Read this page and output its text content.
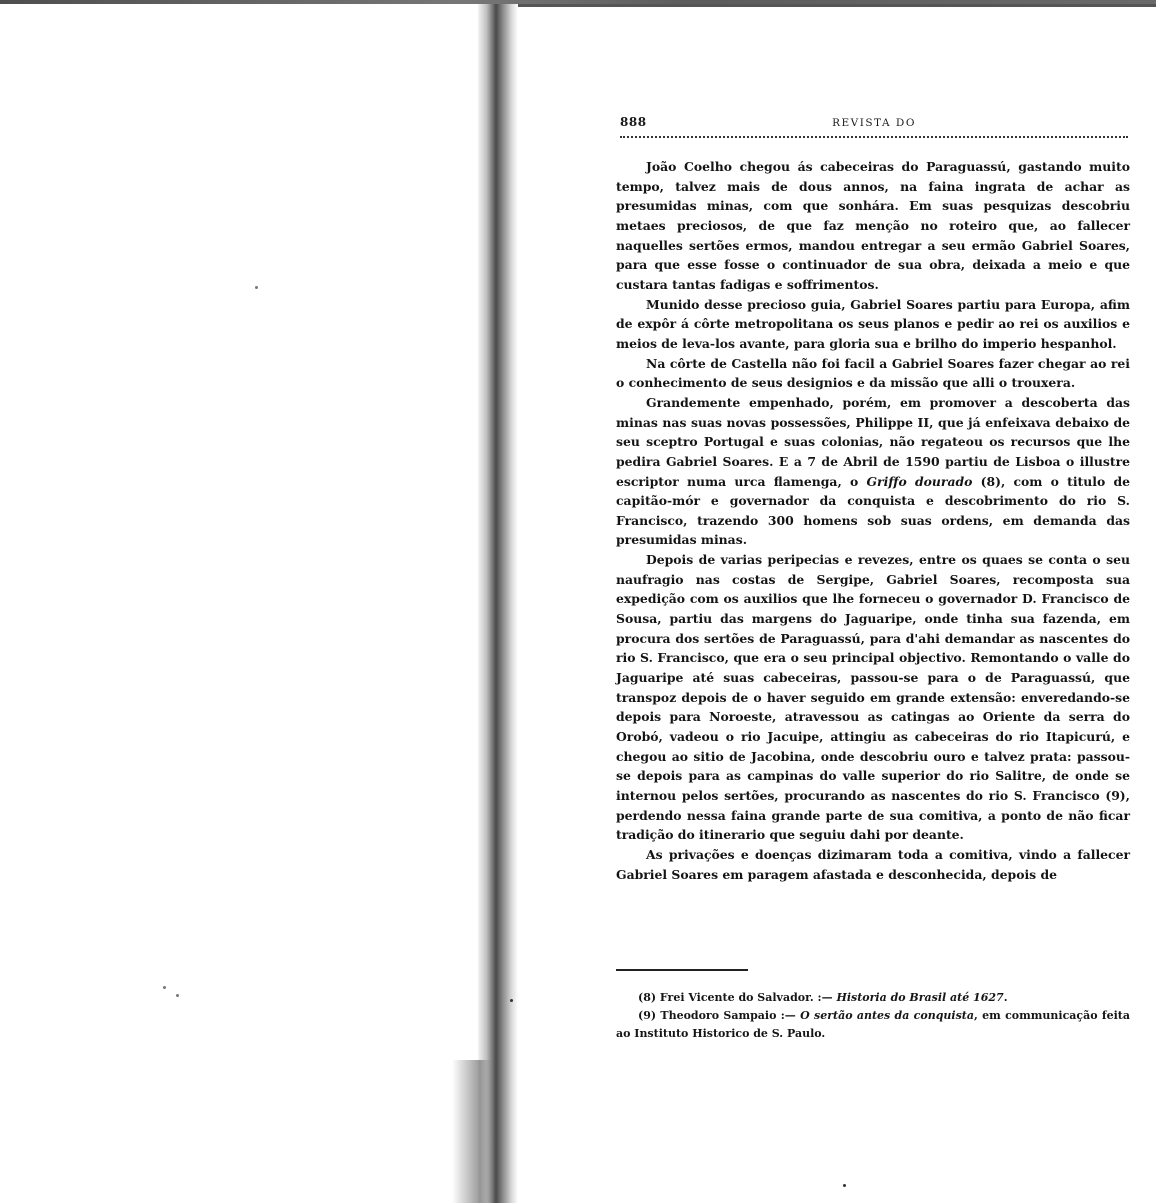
888	REVISTA DO

João Coelho chegou ás cabeceiras do Paraguassú, gastando muito tempo, talvez mais de dous annos, na faina ingrata de achar as presumidas minas, com que sonhára. Em suas pesquizas descobriu metaes preciosos, de que faz menção no roteiro que, ao fallecer naquelles sertões ermos, mandou entregar a seu ermão Gabriel Soares, para que esse fosse o continuador de sua obra, deixada a meio e que custara tantas fadigas e soffrimentos.

Munido desse precioso guia, Gabriel Soares partiu para Europa, afim de expôr á côrte metropolitana os seus planos e pedir ao rei os auxilios e meios de leva-los avante, para gloria sua e brilho do imperio hespanhol.

Na côrte de Castella não foi facil a Gabriel Soares fazer chegar ao rei o conhecimento de seus designios e da missão que alli o trouxera.

Grandemente empenhado, porém, em promover a descoberta das minas nas suas novas possessões, Philippe II, que já enfeixava debaixo de seu sceptro Portugal e suas colonias, não regateou os recursos que lhe pedira Gabriel Soares. E a 7 de Abril de 1590 partiu de Lisboa o illustre escriptor numa urca flamenga, o Griffo dourado (8), com o titulo de capitão-mór e governador da conquista e descobrimento do rio S. Francisco, trazendo 300 homens sob suas ordens, em demanda das presumidas minas.

Depois de varias peripecias e revezes, entre os quaes se conta o seu naufragio nas costas de Sergipe, Gabriel Soares, recomposta sua expedição com os auxilios que lhe forneceu o governador D. Francisco de Sousa, partiu das margens do Jaguaripe, onde tinha sua fazenda, em procura dos sertões de Paraguassú, para d'ahi demandar as nascentes do rio S. Francisco, que era o seu principal objectivo. Remontando o valle do Jaguaripe até suas cabeceiras, passou-se para o de Paraguassú, que transpoz depois de o haver seguido em grande extensão: enveredando-se depois para Noroeste, atravessou as catingas ao Oriente da serra do Orobó, vadeou o rio Jacuipe, attingiu as cabeceiras do rio Itapicurú, e chegou ao sitio de Jacobina, onde descobriu ouro e talvez prata: passou-se depois para as campinas do valle superior do rio Salitre, de onde se internou pelos sertões, procurando as nascentes do rio S. Francisco (9), perdendo nessa faina grande parte de sua comitiva, a ponto de não ficar tradição do itinerario que seguiu dahi por deante.

As privações e doenças dizimaram toda a comitiva, vindo a fallecer Gabriel Soares em paragem afastada e desconhecida, depois de

(8) Frei Vicente do Salvador. :— Historia do Brasil até 1627.

(9) Theodoro Sampaio :— O sertão antes da conquista, em communicação feita ao Instituto Historico de S. Paulo.
